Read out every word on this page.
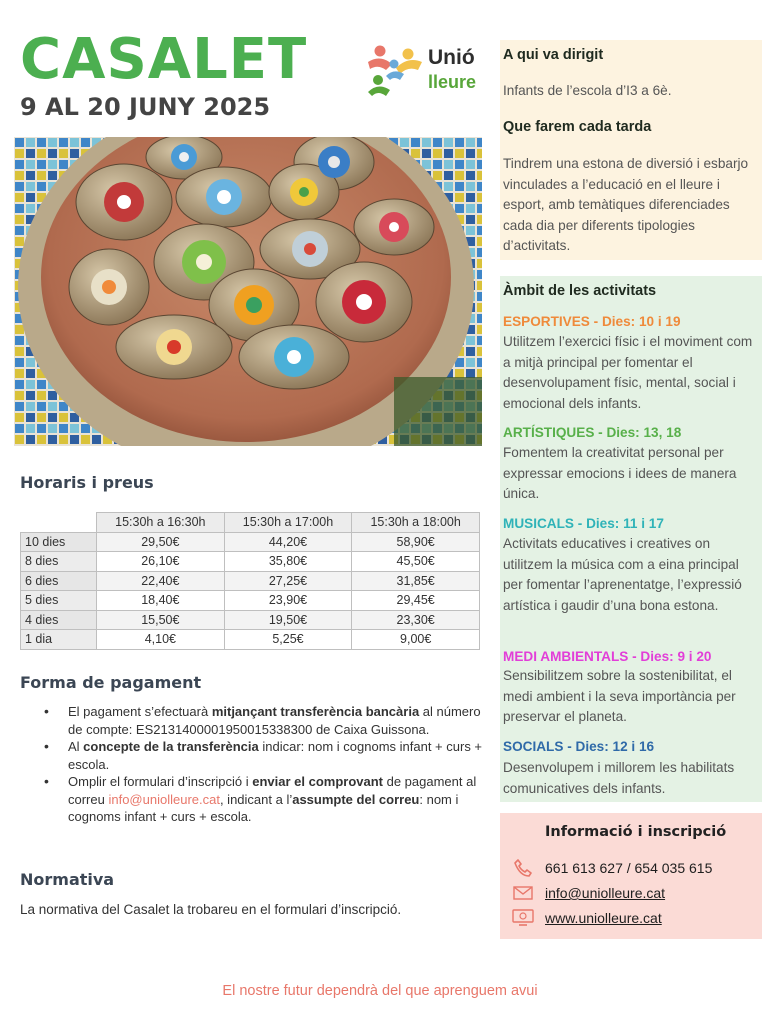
CASALET
9 AL 20 JUNY 2025
Unió
lleure
Horaris i preus
	15:30h a 16:30h	15:30h a 17:00h	15:30h a 18:00h
10 dies	29,50€	44,20€	58,90€
8 dies	26,10€	35,80€	45,50€
6 dies	22,40€	27,25€	31,85€
5 dies	18,40€	23,90€	29,45€
4 dies	15,50€	19,50€	23,30€
1 dia	4,10€	5,25€	9,00€
Forma de pagament
• El pagament s’efectuarà mitjançant transferència bancària al número de compte: ES2131400001950015338300 de Caixa Guissona.
• Al concepte de la transferència indicar: nom i cognoms infant + curs + escola.
• Omplir el formulari d’inscripció i enviar el comprovant de pagament al correu info@uniolleure.cat, indicant a l’assumpte del correu: nom i cognoms infant + curs + escola.
Normativa
La normativa del Casalet la trobareu en el formulari d’inscripció.
El nostre futur dependrà del que aprenguem avui
A qui va dirigit
Infants de l’escola d’I3 a 6è.
Que farem cada tarda
Tindrem una estona de diversió i esbarjo vinculades a l’educació en el lleure i esport, amb temàtiques diferenciades cada dia per diferents tipologies d’activitats.
Àmbit de les activitats
ESPORTIVES - Dies: 10 i 19
Utilitzem l’exercici físic i el moviment com a mitjà principal per fomentar el desenvolupament físic, mental, social i emocional dels infants.
ARTÍSTIQUES - Dies: 13, 18
Fomentem la creativitat personal per expressar emocions i idees de manera única.
MUSICALS - Dies: 11 i 17
Activitats educatives i creatives on utilitzem la música com a eina principal per fomentar l’aprenentatge, l’expressió artística i gaudir d’una bona estona.
MEDI AMBIENTALS - Dies: 9 i 20
Sensibilitzem sobre la sostenibilitat, el medi ambient i la seva importància per preservar el planeta.
SOCIALS - Dies: 12 i 16
Desenvolupem i millorem les habilitats comunicatives dels infants.
Informació i inscripció
661 613 627 / 654 035 615
info@uniolleure.cat
www.uniolleure.cat
